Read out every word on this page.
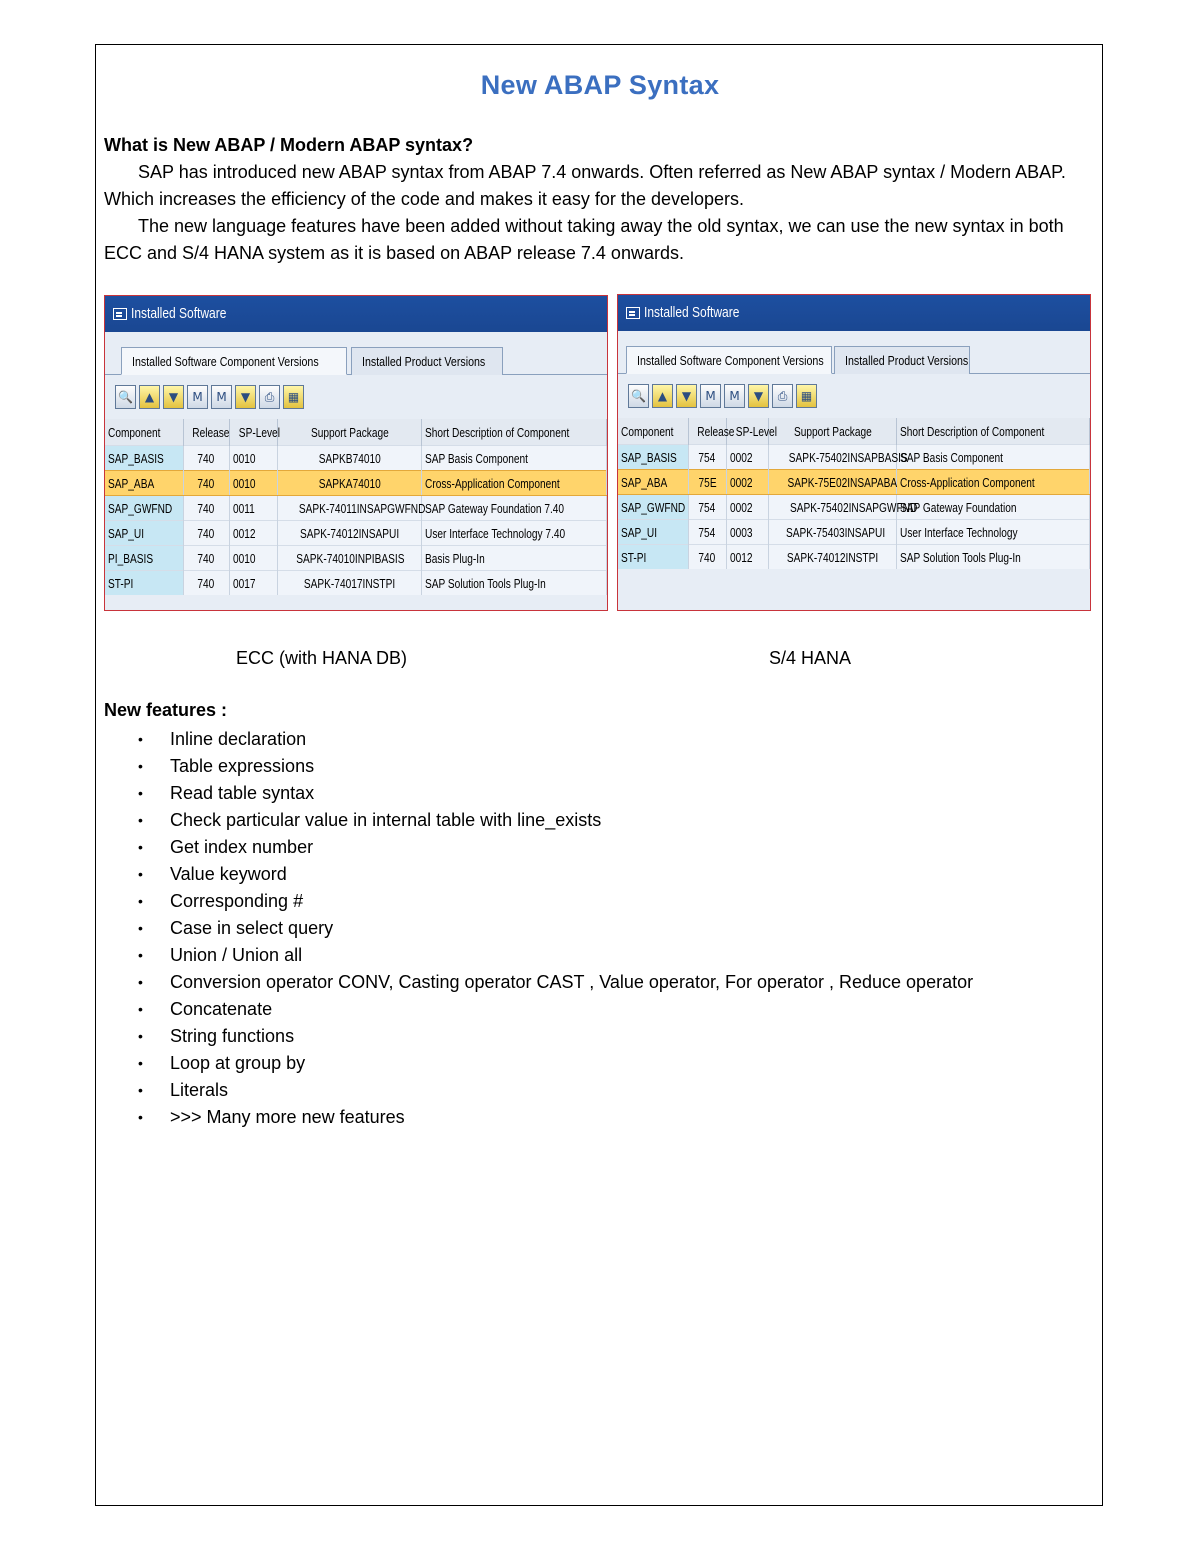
New ABAP Syntax
What is New ABAP / Modern ABAP syntax?

SAP has introduced new ABAP syntax from ABAP 7.4 onwards. Often referred as New ABAP syntax / Modern ABAP. Which increases the efficiency of the code and makes it easy for the developers.

The new language features have been added without taking away the old syntax, we can use the new syntax in both ECC and S/4 HANA system as it is based on ABAP release 7.4 onwards.

Installed Software
Installed Software Component Versions	Installed Product Versions
🔍 ▲	▼	M	M	▼	⎙	▦
Component	Release	SP-Level	Support Package	Short Description of Component
SAP_BASIS	740	0010	SAPKB74010	SAP Basis Component
SAP_ABA	740	0010	SAPKA74010	Cross-Application Component
SAP_GWFND	740	0011	SAPK-74011INSAPGWFND	SAP Gateway Foundation 7.40
SAP_UI	740	0012	SAPK-74012INSAPUI	User Interface Technology 7.40
PI_BASIS	740	0010	SAPK-74010INPIBASIS	Basis Plug-In
ST-PI	740	0017	SAPK-74017INSTPI	SAP Solution Tools Plug-In
Installed Software
Installed Software Component Versions	Installed Product Versions
🔍 ▲	▼	M	M	▼	⎙	▦
Component	Release	SP-Level	Support Package	Short Description of Component
SAP_BASIS	754	0002	SAPK-75402INSAPBASIS	SAP Basis Component
SAP_ABA	75E	0002	SAPK-75E02INSAPABA	Cross-Application Component
SAP_GWFND	754	0002	SAPK-75402INSAPGWFND	SAP Gateway Foundation
SAP_UI	754	0003	SAPK-75403INSAPUI	User Interface Technology
ST-PI	740	0012	SAPK-74012INSTPI	SAP Solution Tools Plug-In
ECC (with HANA DB)	S/4 HANA
New features :
• Inline declaration
• Table expressions
• Read table syntax
• Check particular value in internal table with line_exists
• Get index number
• Value keyword
• Corresponding #
• Case in select query
• Union / Union all
• Conversion operator CONV, Casting operator CAST , Value operator, For operator , Reduce operator
• Concatenate
• String functions
• Loop at group by
• Literals
• >>> Many more new features
